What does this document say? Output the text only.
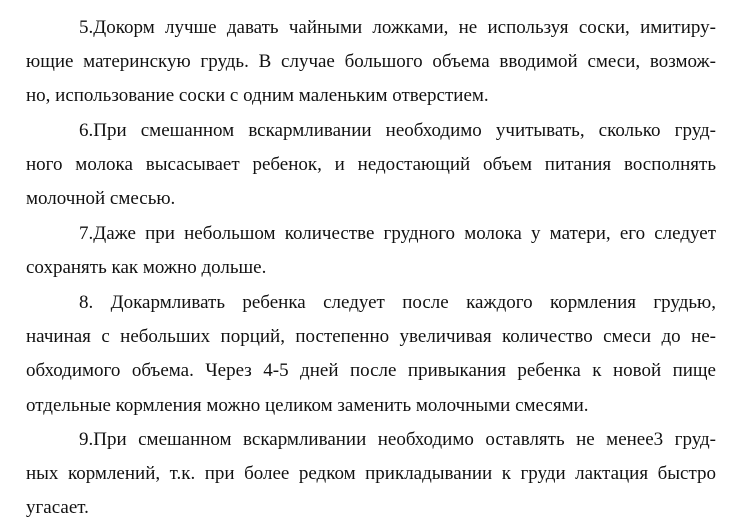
5.Докорм лучше давать чайными ложками, не используя соски, имитиру-
ющие материнскую грудь. В случае большого объема вводимой смеси, возмож-
но, использование соски с одним маленьким отверстием.
6.При смешанном вскармливании необходимо учитывать, сколько груд-
ного молока высасывает ребенок, и недостающий объем питания восполнять
молочной смесью.
7.Даже при небольшом количестве грудного молока у матери, его следует
сохранять как можно дольше.
8. Докармливать ребенка следует после каждого кормления грудью,
начиная с небольших порций, постепенно увеличивая количество смеси до не-
обходимого объема. Через 4-5 дней после привыкания ребенка к новой пище
отдельные кормления можно целиком заменить молочными смесями.
9.При смешанном вскармливании необходимо оставлять не менее3 груд-
ных кормлений, т.к. при более редком прикладывании к груди лактация быстро
угасает.
